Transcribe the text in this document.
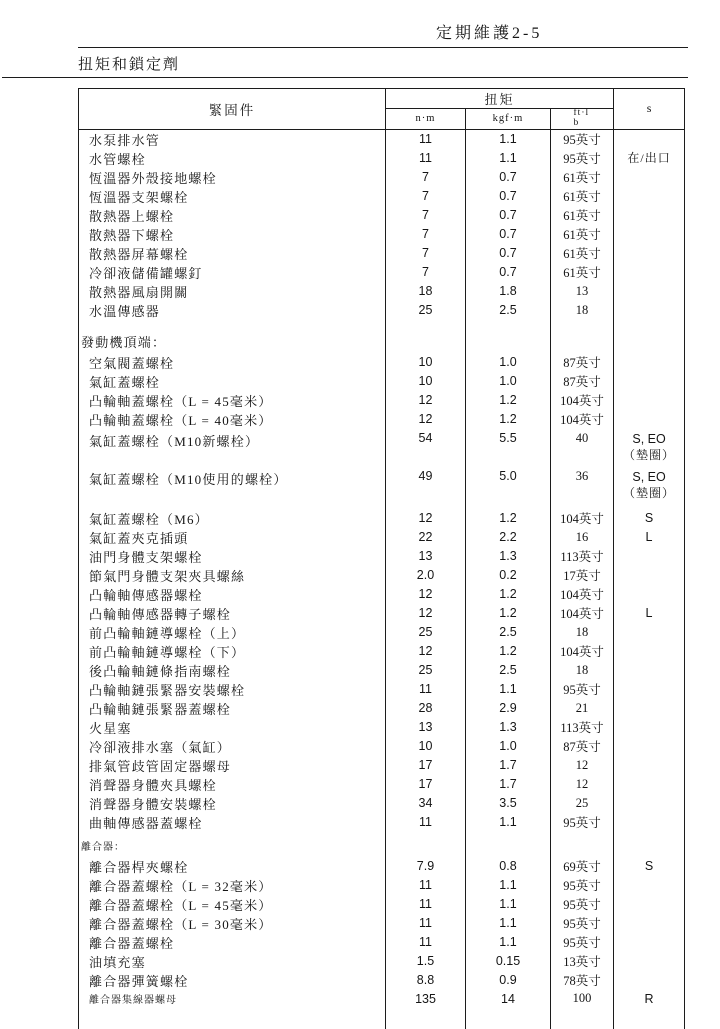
定期維護2-5
扭矩和鎖定劑
緊固件	扭矩			s
	n·m	kgf·m	ft·lb	
水泵排水管	11	1.1	95英寸	
水管螺栓	11	1.1	95英寸	在/出口

恆溫器外殼接地螺栓	7	0.7	61英寸	
恆溫器支架螺栓	7	0.7	61英寸	
散熱器上螺栓	7	0.7	61英寸	
散熱器下螺栓	7	0.7	61英寸	
散熱器屏幕螺栓	7	0.7	61英寸	
冷卻液儲備罐螺釘	7	0.7	61英寸	
散熱器風扇開關	18	1.8	13	
水溫傳感器	25	2.5	18	
發動機頂端：				
空氣閥蓋螺栓	10	1.0	87英寸	
氣缸蓋螺栓	10	1.0	87英寸	
凸輪軸蓋螺栓（L = 45毫米）	12	1.2	104英寸	
凸輪軸蓋螺栓（L = 40毫米）	12	1.2	104英寸	
氣缸蓋螺栓（M10新螺栓）	54	5.5	40	S, EO
（墊圈）

氣缸蓋螺栓（M10使用的螺栓）	49	5.0	36	S, EO
（墊圈）

氣缸蓋螺栓（M6）	12	1.2	104英寸	S

氣缸蓋夾克插頭	22	2.2	16	L

油門身體支架螺栓	13	1.3	113英寸	
節氣門身體支架夾具螺絲	2.0	0.2	17英寸	
凸輪軸傳感器螺栓	12	1.2	104英寸	
凸輪軸傳感器轉子螺栓	12	1.2	104英寸	L

前凸輪軸鏈導螺栓（上）	25	2.5	18	
前凸輪軸鏈導螺栓（下）	12	1.2	104英寸	
後凸輪軸鏈條指南螺栓	25	2.5	18	
凸輪軸鏈張緊器安裝螺栓	11	1.1	95英寸	
凸輪軸鏈張緊器蓋螺栓	28	2.9	21	
火星塞	13	1.3	113英寸	
冷卻液排水塞（氣缸）	10	1.0	87英寸	
排氣管歧管固定器螺母	17	1.7	12	
消聲器身體夾具螺栓	17	1.7	12	
消聲器身體安裝螺栓	34	3.5	25	
曲軸傳感器蓋螺栓	11	1.1	95英寸	
離合器：				
離合器桿夾螺栓	7.9	0.8	69英寸	S

離合器蓋螺栓（L = 32毫米）	11	1.1	95英寸	
離合器蓋螺栓（L = 45毫米）	11	1.1	95英寸	
離合器蓋螺栓（L = 30毫米）	11	1.1	95英寸	
離合器蓋螺栓	11	1.1	95英寸	
油填充塞	1.5	0.15	13英寸	
離合器彈簧螺栓	8.8	0.9	78英寸	
離合器集線器螺母	135	14	100	R
